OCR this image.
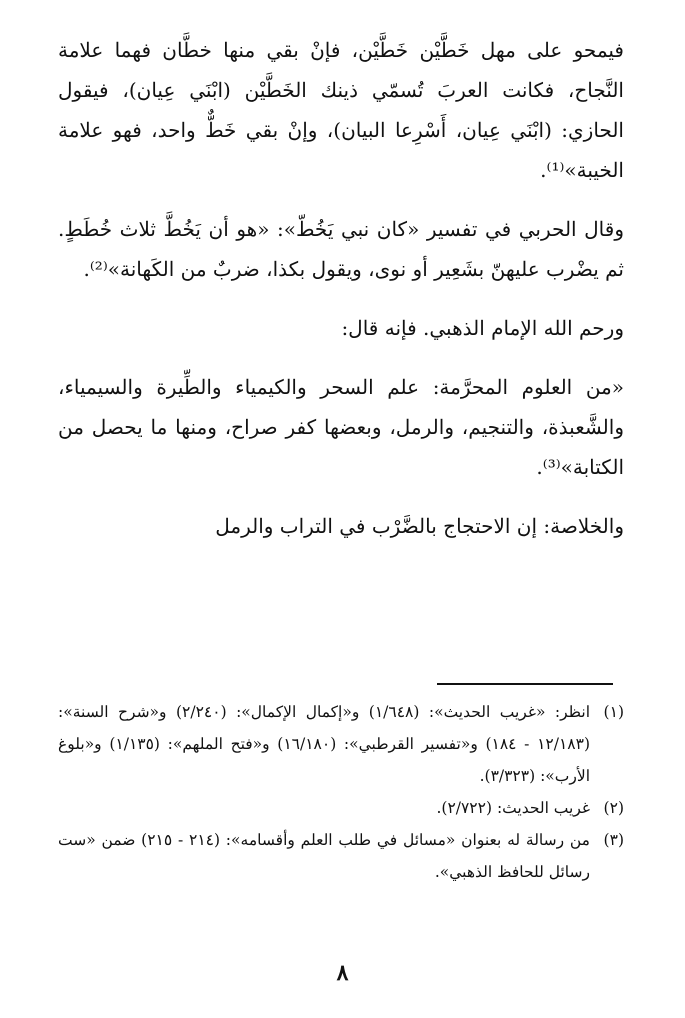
فيمحو على مهل خَطَّيْن خَطَّيْن، فإنْ بقي منها خطَّان فهما علامة النَّجاح، فكانت العربَ تُسمّي ذينك الخَطَّيْن (ابْنَي عِيان)، فيقول الحازي: (ابْنَي عِيان، أَسْرِعا البيان)، وإنْ بقي خَطٌّ واحد، فهو علامة الخيبة»⁽¹⁾.

وقال الحربي في تفسير «كان نبي يَخُطّ»: «هو أن يَخُطَّ ثلاث خُطَطٍ. ثم يضْرب عليهنّ بشَعِير أو نوى، ويقول بكذا، ضربٌ من الكَهانة»⁽²⁾.

ورحم الله الإمام الذهبي. فإنه قال:

«من العلوم المحرَّمة: علم السحر والكيمياء والطِّيرة والسيمياء، والشَّعبذة، والتنجيم، والرمل، وبعضها كفر صراح، ومنها ما يحصل من الكتابة»⁽³⁾.

والخلاصة: إن الاحتجاج بالضَّرْب في التراب والرمل

(١)
انظر: «غريب الحديث»: (١/٦٤٨) و«إكمال الإكمال»: (٢/٢٤٠) و«شرح السنة»: (١٢/١٨٣ - ١٨٤) و«تفسير القرطبي»: (١٦/١٨٠) و«فتح الملهم»: (١/١٣٥) و«بلوغ الأرب»: (٣/٣٢٣).
(٢)
غريب الحديث: (٢/٧٢٢).
(٣)
من رسالة له بعنوان «مسائل في طلب العلم وأقسامه»: (٢١٤ - ٢١٥) ضمن «ست رسائل للحافظ الذهبي».
٨
